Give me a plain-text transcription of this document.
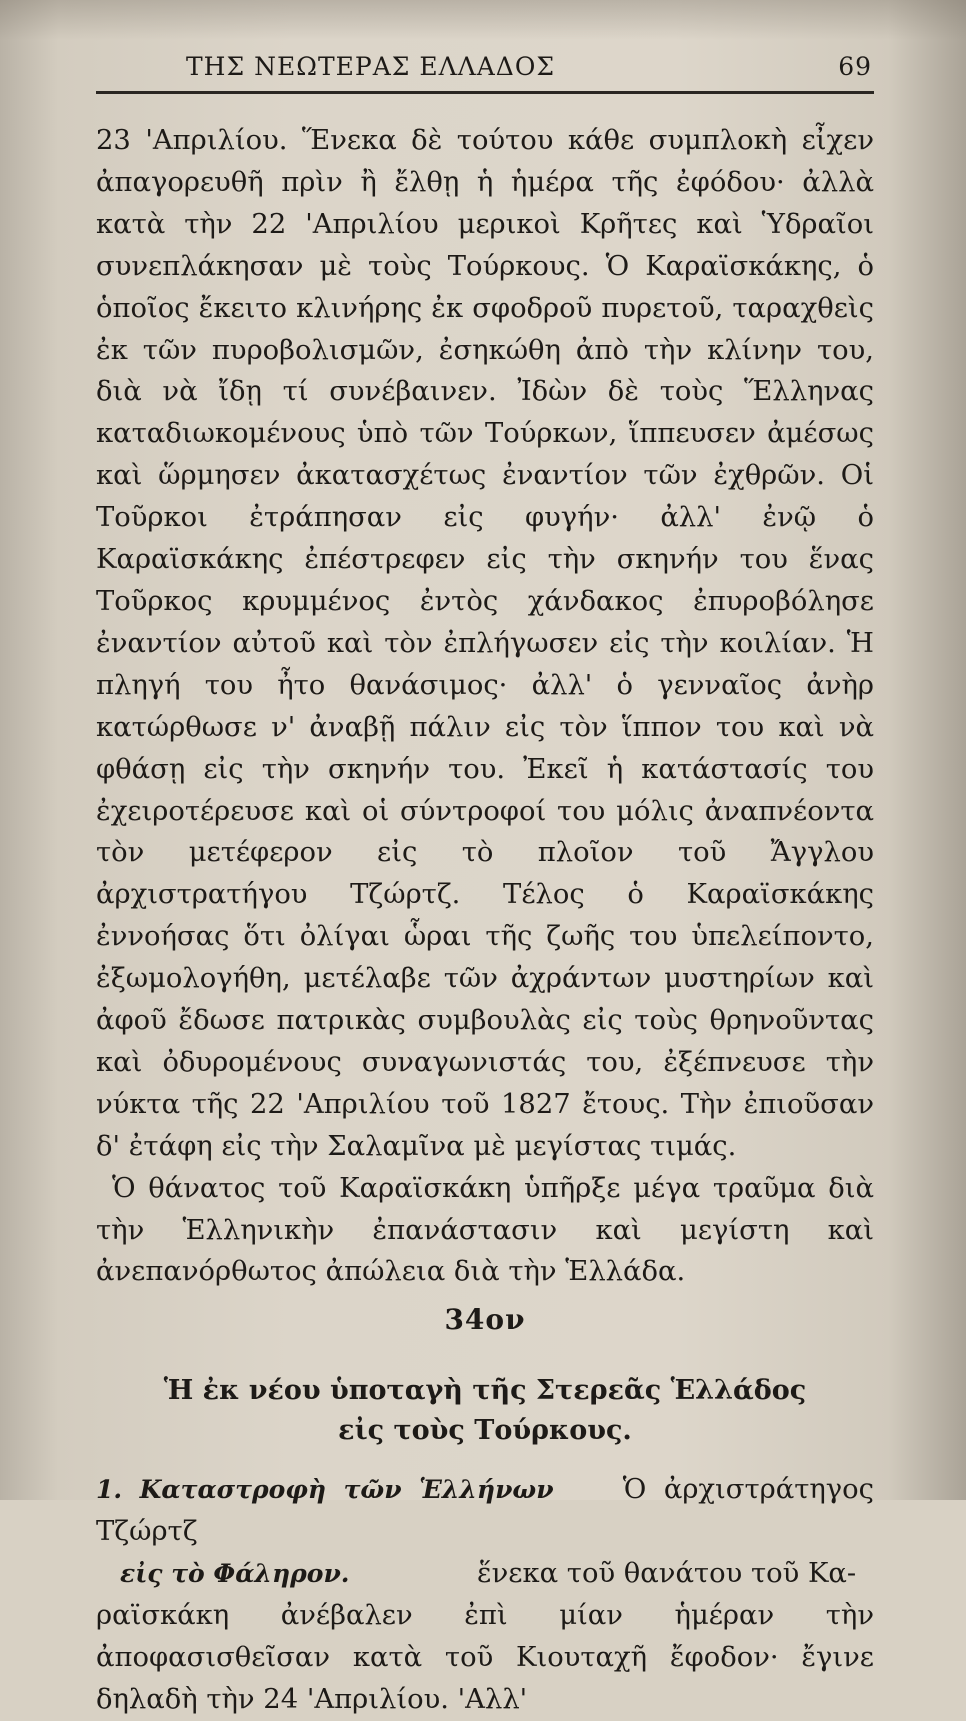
ΤΗΣ ΝΕΩΤΕΡΑΣ ΕΛΛΑΔΟΣ	69

23 'Απριλίου. Ἕνεκα δὲ τούτου κάθε συμπλοκὴ εἶχεν ἀπαγορευθῆ πρὶν ἢ ἔλθῃ ἡ ἡμέρα τῆς ἐφόδου· ἀλλὰ κατὰ τὴν 22 'Απριλίου μερικοὶ Κρῆτες καὶ Ὑδραῖοι συνεπλάκησαν μὲ τοὺς Τούρκους. Ὁ Καραϊσκάκης, ὁ ὁποῖος ἔκειτο κλινήρης ἐκ σφοδροῦ πυρετοῦ, ταραχθεὶς ἐκ τῶν πυροβολισμῶν, ἐσηκώθη ἀπὸ τὴν κλίνην του, διὰ νὰ ἴδῃ τί συνέβαινεν. Ἰδὼν δὲ τοὺς Ἕλληνας καταδιωκομένους ὑπὸ τῶν Τούρκων, ἵππευσεν ἀμέσως καὶ ὥρμησεν ἀκατασχέτως ἐναντίον τῶν ἐχθρῶν. Οἱ Τοῦρκοι ἐτράπησαν εἰς φυγήν· ἀλλ' ἐνῷ ὁ Καραϊσκάκης ἐπέστρεφεν εἰς τὴν σκηνήν του ἕνας Τοῦρκος κρυμμένος ἐντὸς χάνδακος ἐπυροβόλησε ἐναντίον αὐτοῦ καὶ τὸν ἐπλήγωσεν εἰς τὴν κοιλίαν. Ἡ πληγή του ἦτο θανάσιμος· ἀλλ' ὁ γενναῖος ἀνὴρ κατώρθωσε ν' ἀναβῇ πάλιν εἰς τὸν ἵππον του καὶ νὰ φθάσῃ εἰς τὴν σκηνήν του. Ἐκεῖ ἡ κατάστασίς του ἐχειροτέρευσε καὶ οἱ σύντροφοί του μόλις ἀναπνέοντα τὸν μετέφερον εἰς τὸ πλοῖον τοῦ Ἄγγλου ἀρχιστρατήγου Τζώρτζ. Τέλος ὁ Καραϊσκάκης ἐννοήσας ὅτι ὀλίγαι ὧραι τῆς ζωῆς του ὑπελείποντο, ἐξωμολογήθη, μετέλαβε τῶν ἀχράντων μυστηρίων καὶ ἀφοῦ ἔδωσε πατρικὰς συμβουλὰς εἰς τοὺς θρηνοῦντας καὶ ὀδυρομένους συναγωνιστάς του, ἐξέπνευσε τὴν νύκτα τῆς 22 'Απριλίου τοῦ 1827 ἔτους. Τὴν ἐπιοῦσαν δ' ἐτάφη εἰς τὴν Σαλαμῖνα μὲ μεγίστας τιμάς.

Ὁ θάνατος τοῦ Καραϊσκάκη ὑπῆρξε μέγα τραῦμα διὰ τὴν Ἑλληνικὴν ἐπανάστασιν καὶ μεγίστη καὶ ἀνεπανόρθωτος ἀπώλεια διὰ τὴν Ἑλλάδα.

34ον
Ἡ ἐκ νέου ὑποταγὴ τῆς Στερεᾶς Ἑλλάδος
εἰς τοὺς Τούρκους.

1. Καταστροφὴ τῶν Ἑλλήνων	Ὁ ἀρχιστράτηγος Τζώρτζ

εἰς τὸ Φάληρον.	ἕνεκα τοῦ θανάτου τοῦ Κα-

ραϊσκάκη ἀνέβαλεν ἐπὶ μίαν ἡμέραν τὴν ἀποφασισθεῖσαν κατὰ τοῦ Κιουταχῆ ἔφοδον· ἔγινε δηλαδὴ τὴν 24 'Απριλίου. 'Αλλ'
